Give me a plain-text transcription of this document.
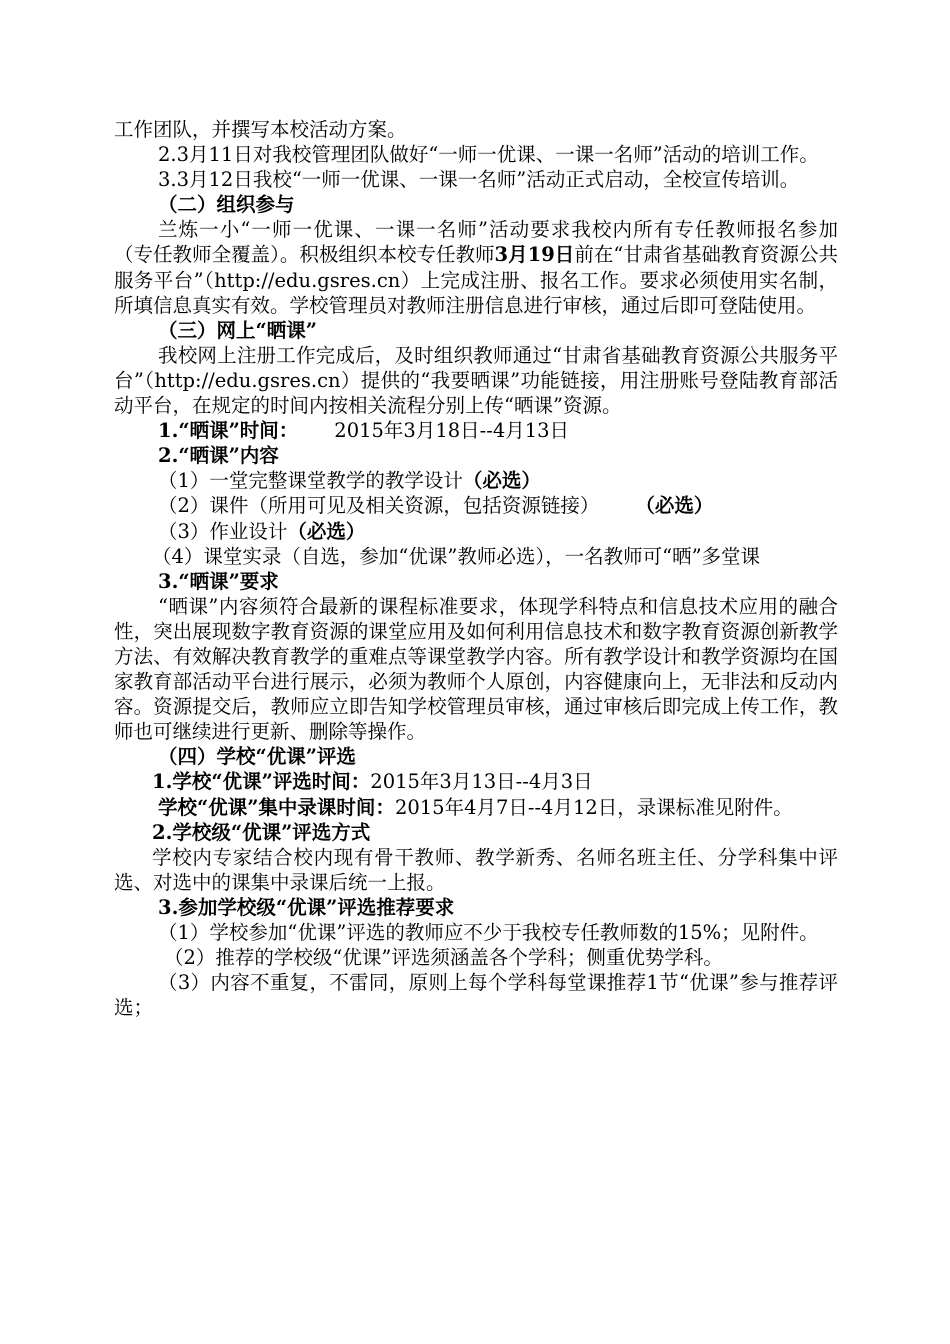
工作团队，并撰写本校活动方案。

2.3月11日对我校管理团队做好“一师一优课、一课一名师”活动的培训工作。

3.3月12日我校“一师一优课、一课一名师”活动正式启动，全校宣传培训。

（二）组织参与

兰炼一小“一师一优课、一课一名师”活动要求我校内所有专任教师报名参加（专任教师全覆盖）。积极组织本校专任教师3月19日前在“甘肃省基础教育资源公共服务平台”（http://edu.gsres.cn）上完成注册、报名工作。要求必须使用实名制，所填信息真实有效。学校管理员对教师注册信息进行审核，通过后即可登陆使用。

（三）网上“晒课”

我校网上注册工作完成后，及时组织教师通过“甘肃省基础教育资源公共服务平台”（http://edu.gsres.cn）提供的“我要晒课”功能链接，用注册账号登陆教育部活动平台，在规定的时间内按相关流程分别上传“晒课”资源。

1.“晒课”时间： 2015年3月18日--4月13日

2.“晒课”内容

（1）一堂完整课堂教学的教学设计（必选）

（2）课件（所用可见及相关资源，包括资源链接） （必选）

（3）作业设计（必选）

（4）课堂实录（自选，参加“优课”教师必选），一名教师可“晒”多堂课

3.“晒课”要求

“晒课”内容须符合最新的课程标准要求，体现学科特点和信息技术应用的融合性，突出展现数字教育资源的课堂应用及如何利用信息技术和数字教育资源创新教学方法、有效解决教育教学的重难点等课堂教学内容。所有教学设计和教学资源均在国家教育部活动平台进行展示，必须为教师个人原创，内容健康向上，无非法和反动内容。资源提交后，教师应立即告知学校管理员审核，通过审核后即完成上传工作，教师也可继续进行更新、删除等操作。

（四）学校“优课”评选

1.学校“优课”评选时间：2015年3月13日--4月3日

学校“优课”集中录课时间：2015年4月7日--4月12日，录课标准见附件。

2.学校级“优课”评选方式

学校内专家结合校内现有骨干教师、教学新秀、名师名班主任、分学科集中评选、对选中的课集中录课后统一上报。

3.参加学校级“优课”评选推荐要求

（1）学校参加“优课”评选的教师应不少于我校专任教师数的15%；见附件。

（2）推荐的学校级“优课”评选须涵盖各个学科；侧重优势学科。

（3）内容不重复，不雷同，原则上每个学科每堂课推荐1节“优课”参与推荐评选；
